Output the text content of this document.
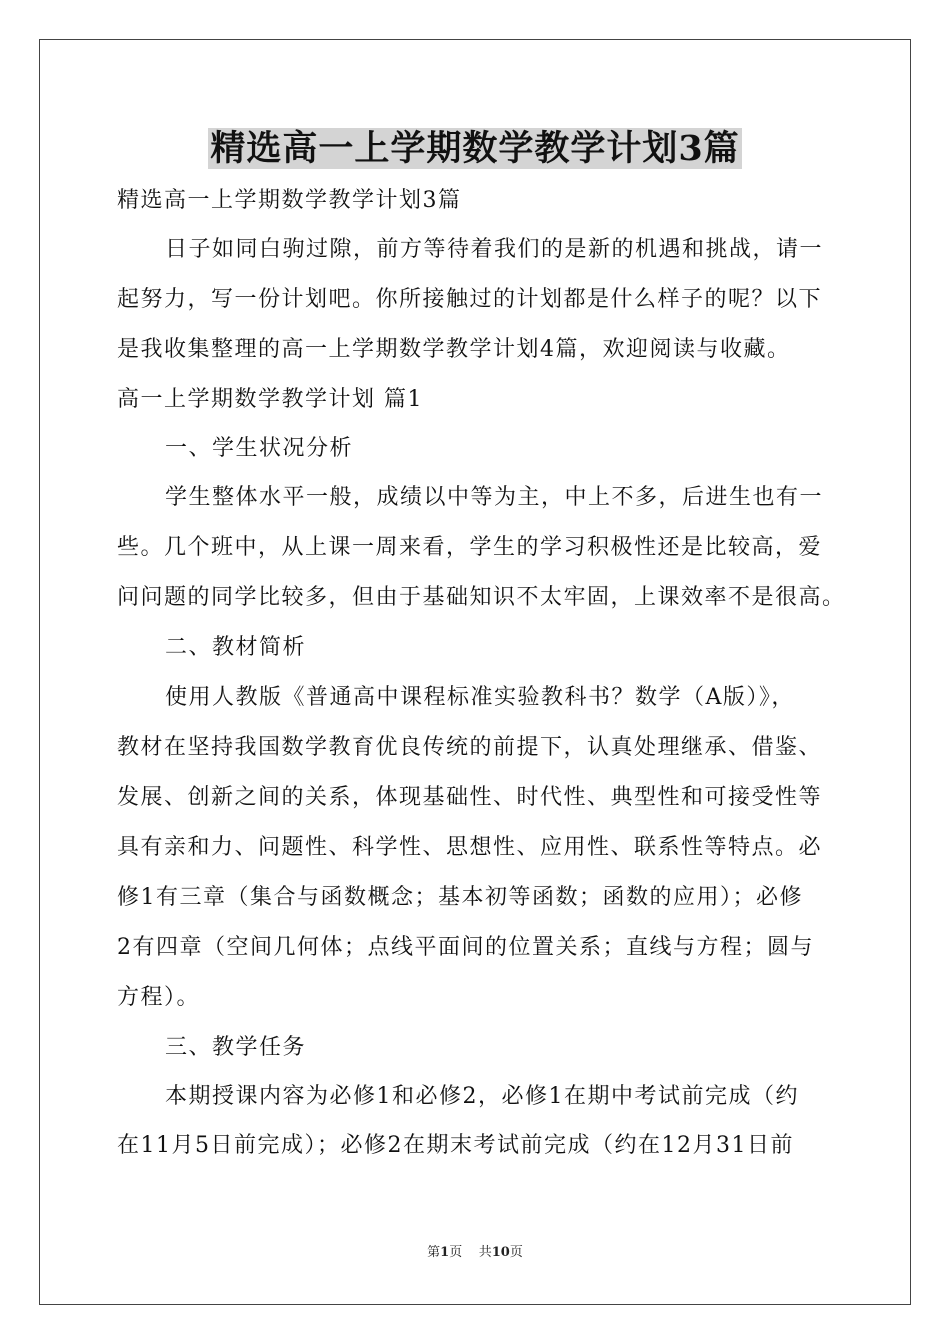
精选高一上学期数学教学计划3篇
精选高一上学期数学教学计划3篇
日子如同白驹过隙，前方等待着我们的是新的机遇和挑战，请一
起努力，写一份计划吧。你所接触过的计划都是什么样子的呢？以下
是我收集整理的高一上学期数学教学计划4篇，欢迎阅读与收藏。
高一上学期数学教学计划 篇1
一、学生状况分析
学生整体水平一般，成绩以中等为主，中上不多，后进生也有一
些。几个班中，从上课一周来看，学生的学习积极性还是比较高，爱
问问题的同学比较多，但由于基础知识不太牢固，上课效率不是很高。
二、教材简析
使用人教版《普通高中课程标准实验教科书？数学（A版）》，
教材在坚持我国数学教育优良传统的前提下，认真处理继承、借鉴、
发展、创新之间的关系，体现基础性、时代性、典型性和可接受性等
具有亲和力、问题性、科学性、思想性、应用性、联系性等特点。必
修1有三章（集合与函数概念；基本初等函数；函数的应用）；必修
2有四章（空间几何体；点线平面间的位置关系；直线与方程；圆与
方程）。
三、教学任务
本期授课内容为必修1和必修2，必修1在期中考试前完成（约
在11月5日前完成）；必修2在期末考试前完成（约在12月31日前
第1页 共10页
